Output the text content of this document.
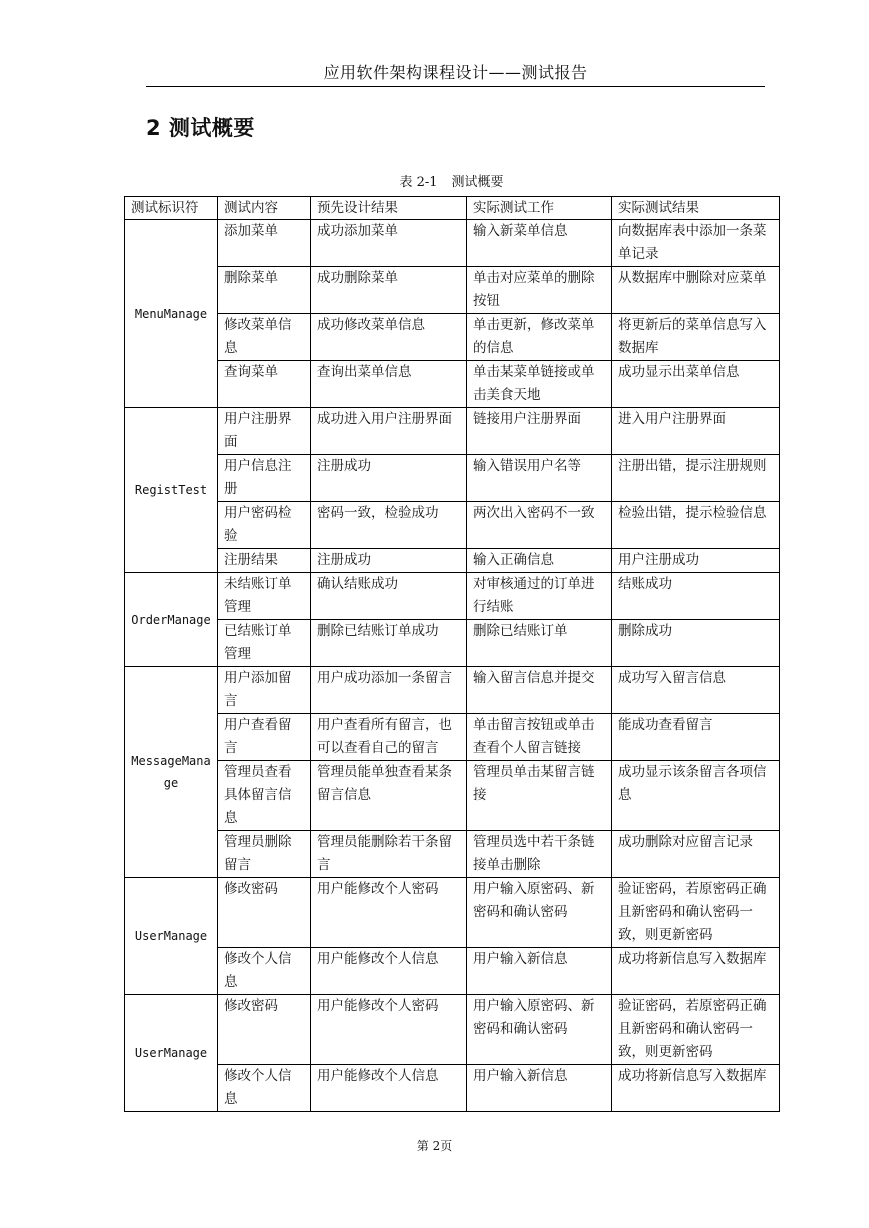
应用软件架构课程设计——测试报告
2 测试概要
表 2-1 测试概要
测试标识符	测试内容	预先设计结果	实际测试工作	实际测试结果
MenuManage	添加菜单	成功添加菜单	输入新菜单信息	向数据库表中添加一条菜单记录
	删除菜单	成功删除菜单	单击对应菜单的删除按钮	从数据库中删除对应菜单
	修改菜单信息	成功修改菜单信息	单击更新，修改菜单的信息	将更新后的菜单信息写入数据库
	查询菜单	查询出菜单信息	单击某菜单链接或单击美食天地	成功显示出菜单信息
RegistTest	用户注册界面	成功进入用户注册界面	链接用户注册界面	进入用户注册界面
	用户信息注册	注册成功	输入错误用户名等	注册出错，提示注册规则
	用户密码检验	密码一致，检验成功	两次出入密码不一致	检验出错，提示检验信息
	注册结果	注册成功	输入正确信息	用户注册成功
OrderManage	未结账订单管理	确认结账成功	对审核通过的订单进行结账	结账成功
	已结账订单管理	删除已结账订单成功	删除已结账订单	删除成功
MessageManage	用户添加留言	用户成功添加一条留言	输入留言信息并提交	成功写入留言信息
	用户查看留言	用户查看所有留言，也可以查看自己的留言	单击留言按钮或单击查看个人留言链接	能成功查看留言
	管理员查看具体留言信息	管理员能单独查看某条留言信息	管理员单击某留言链接	成功显示该条留言各项信息
	管理员删除留言	管理员能删除若干条留言	管理员选中若干条链接单击删除	成功删除对应留言记录
UserManage	修改密码	用户能修改个人密码	用户输入原密码、新密码和确认密码	验证密码，若原密码正确且新密码和确认密码一致，则更新密码
	修改个人信息	用户能修改个人信息	用户输入新信息	成功将新信息写入数据库
UserManage	修改密码	用户能修改个人密码	用户输入原密码、新密码和确认密码	验证密码，若原密码正确且新密码和确认密码一致，则更新密码
	修改个人信息	用户能修改个人信息	用户输入新信息	成功将新信息写入数据库
第 2页
